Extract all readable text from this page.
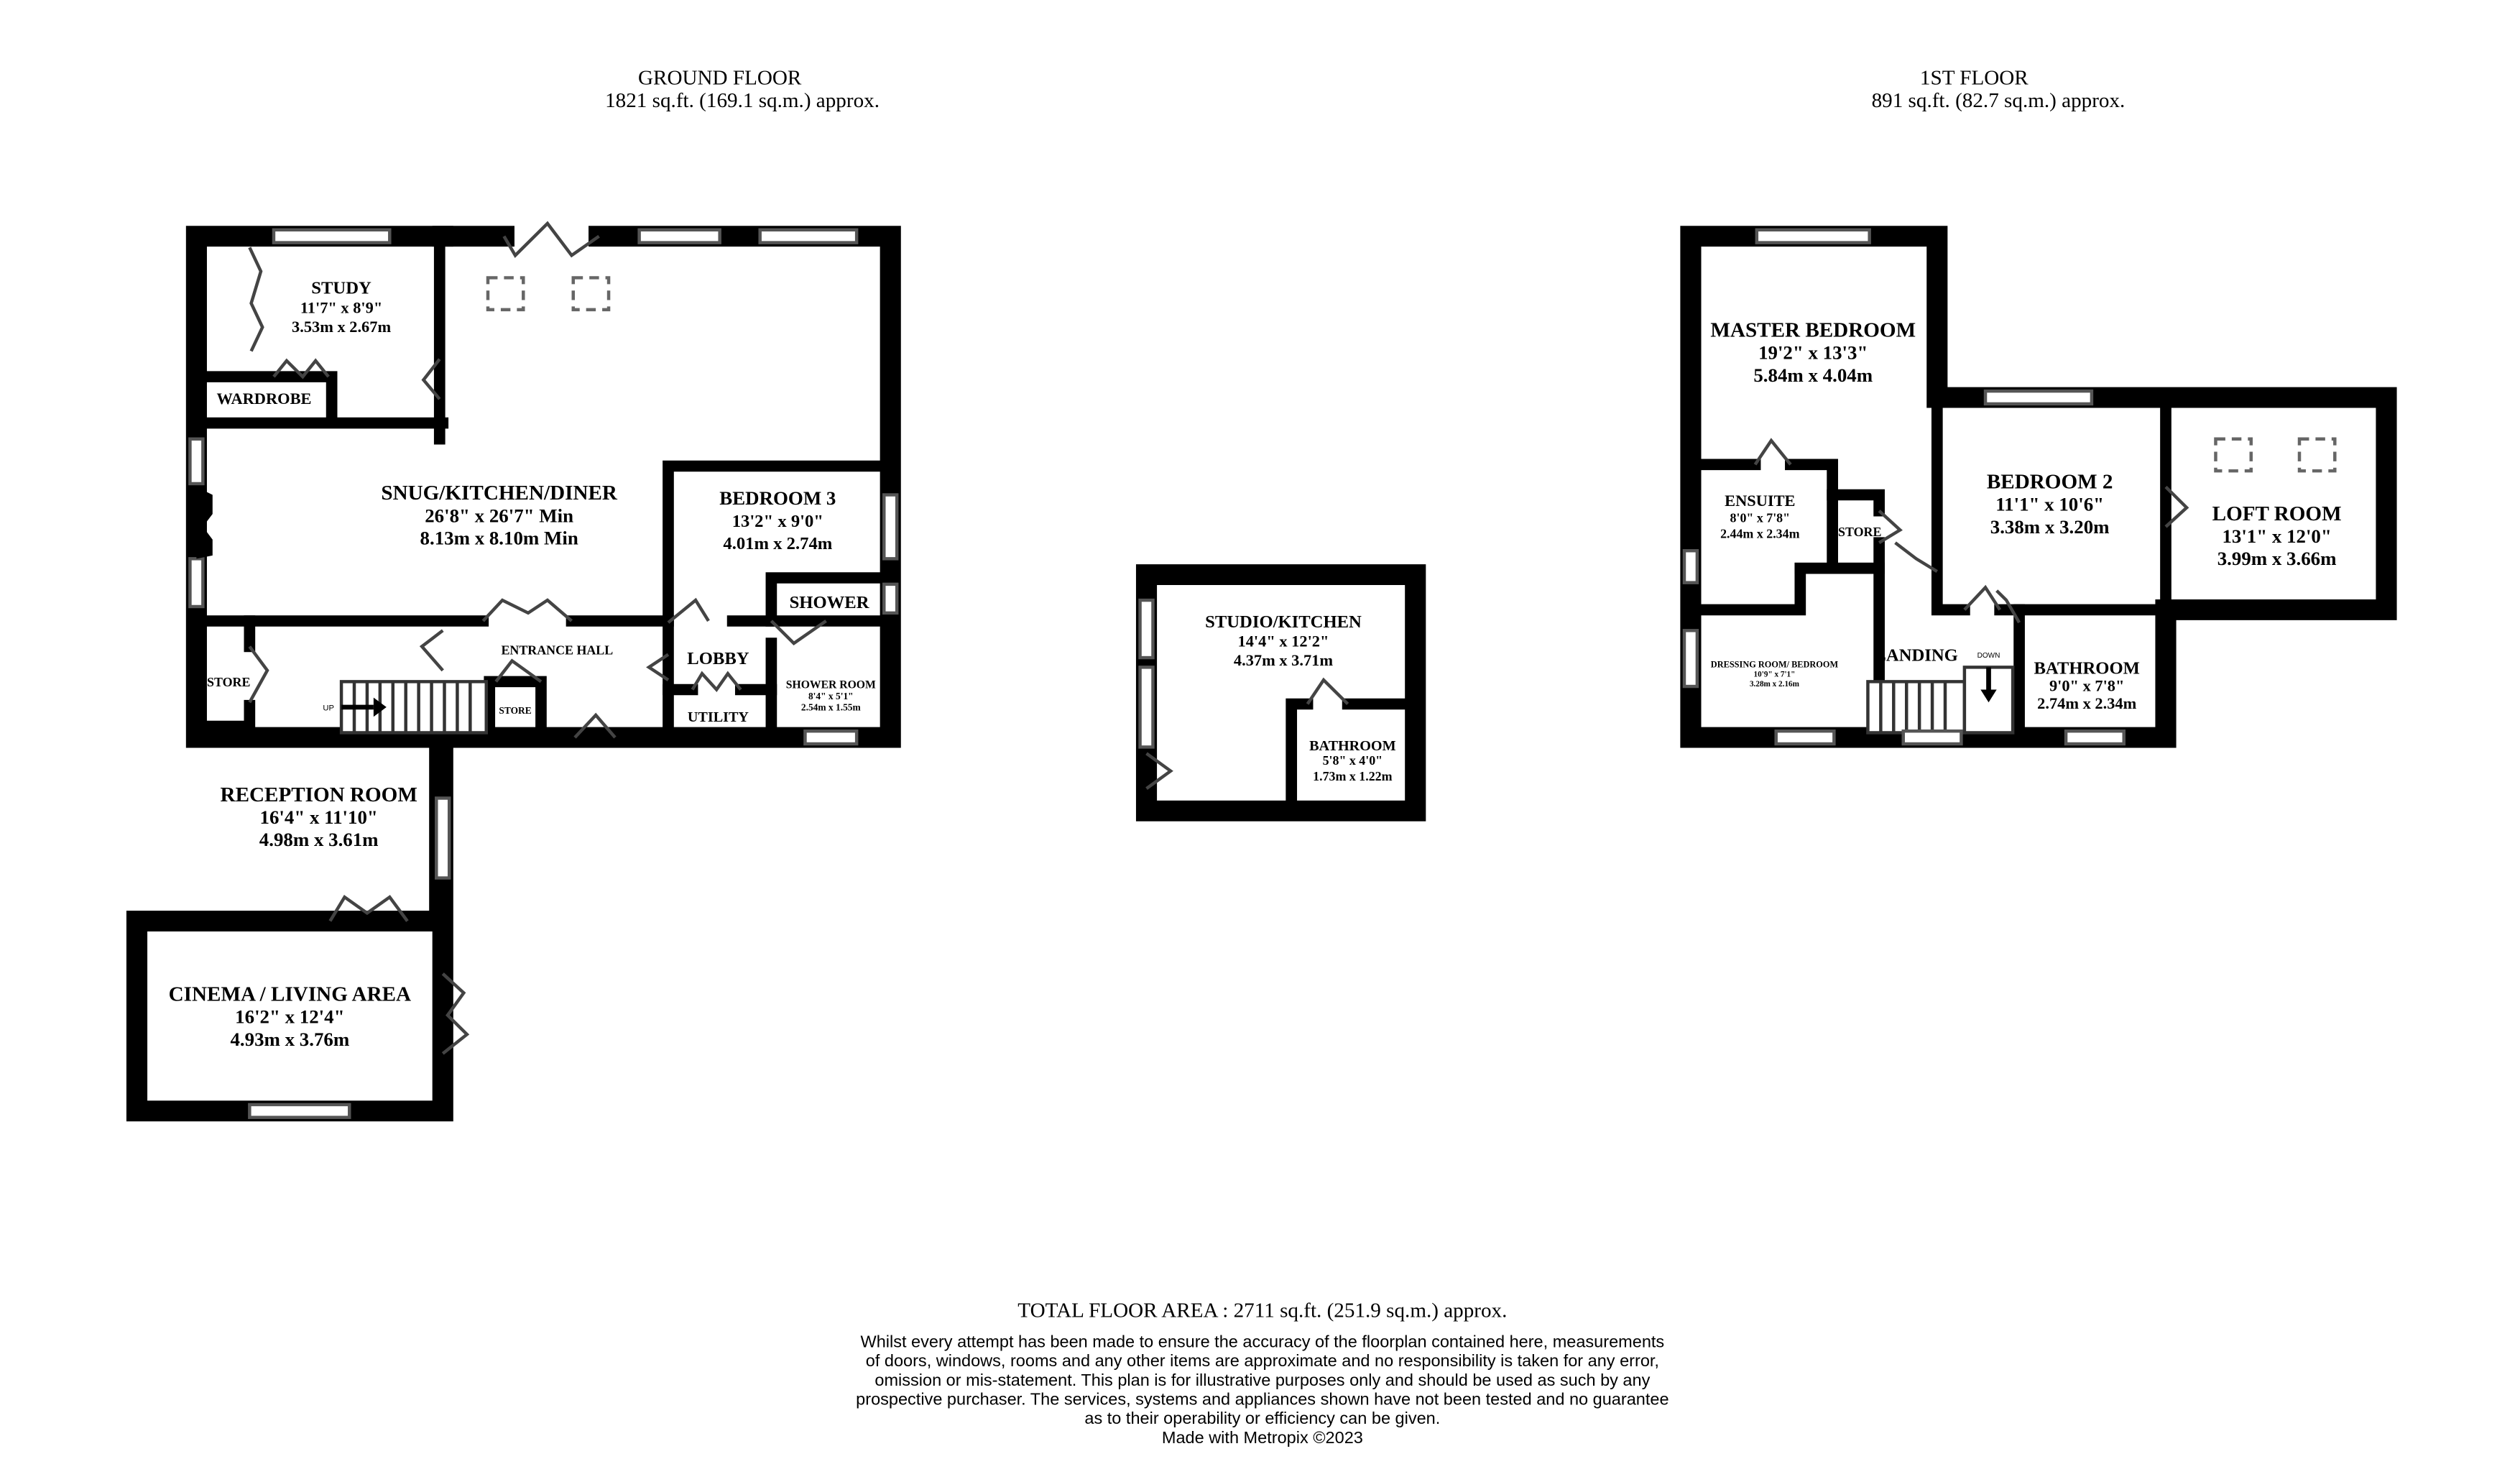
GROUND FLOOR
1821 sq.ft. (169.1 sq.m.) approx.
1ST FLOOR
891 sq.ft. (82.7 sq.m.) approx.
STUDY
11'7" x 8'9"
3.53m x 2.67m
WARDROBE
SNUG/KITCHEN/DINER
26'8" x 26'7" Min
8.13m x 8.10m Min
BEDROOM 3
13'2" x 9'0"
4.01m x 2.74m
SHOWER
LOBBY
UTILITY
SHOWER ROOM
8'4" x 5'1"
2.54m x 1.55m
ENTRANCE HALL
STORE
STORE
UP
RECEPTION ROOM
16'4" x 11'10"
4.98m x 3.61m
CINEMA / LIVING AREA
16'2" x 12'4"
4.93m x 3.76m
STUDIO/KITCHEN
14'4" x 12'2"
4.37m x 3.71m
BATHROOM
5'8" x 4'0"
1.73m x 1.22m
MASTER BEDROOM
19'2" x 13'3"
5.84m x 4.04m
ENSUITE
8'0" x 7'8"
2.44m x 2.34m	STORE
BEDROOM 2
11'1" x 10'6"
3.38m x 3.20m
LOFT ROOM
13'1" x 12'0"
3.99m x 3.66m
DRESSING ROOM/ BEDROOM
10'9" x 7'1"
3.28m x 2.16m
LANDING	DOWN
BATHROOM
9'0" x 7'8"
2.74m x 2.34m
TOTAL FLOOR AREA : 2711 sq.ft. (251.9 sq.m.) approx.
Whilst every attempt has been made to ensure the accuracy of the floorplan contained here, measurements
of doors, windows, rooms and any other items are approximate and no responsibility is taken for any error,
omission or mis-statement. This plan is for illustrative purposes only and should be used as such by any
prospective purchaser. The services, systems and appliances shown have not been tested and no guarantee
as to their operability or efficiency can be given.
Made with Metropix ©2023
